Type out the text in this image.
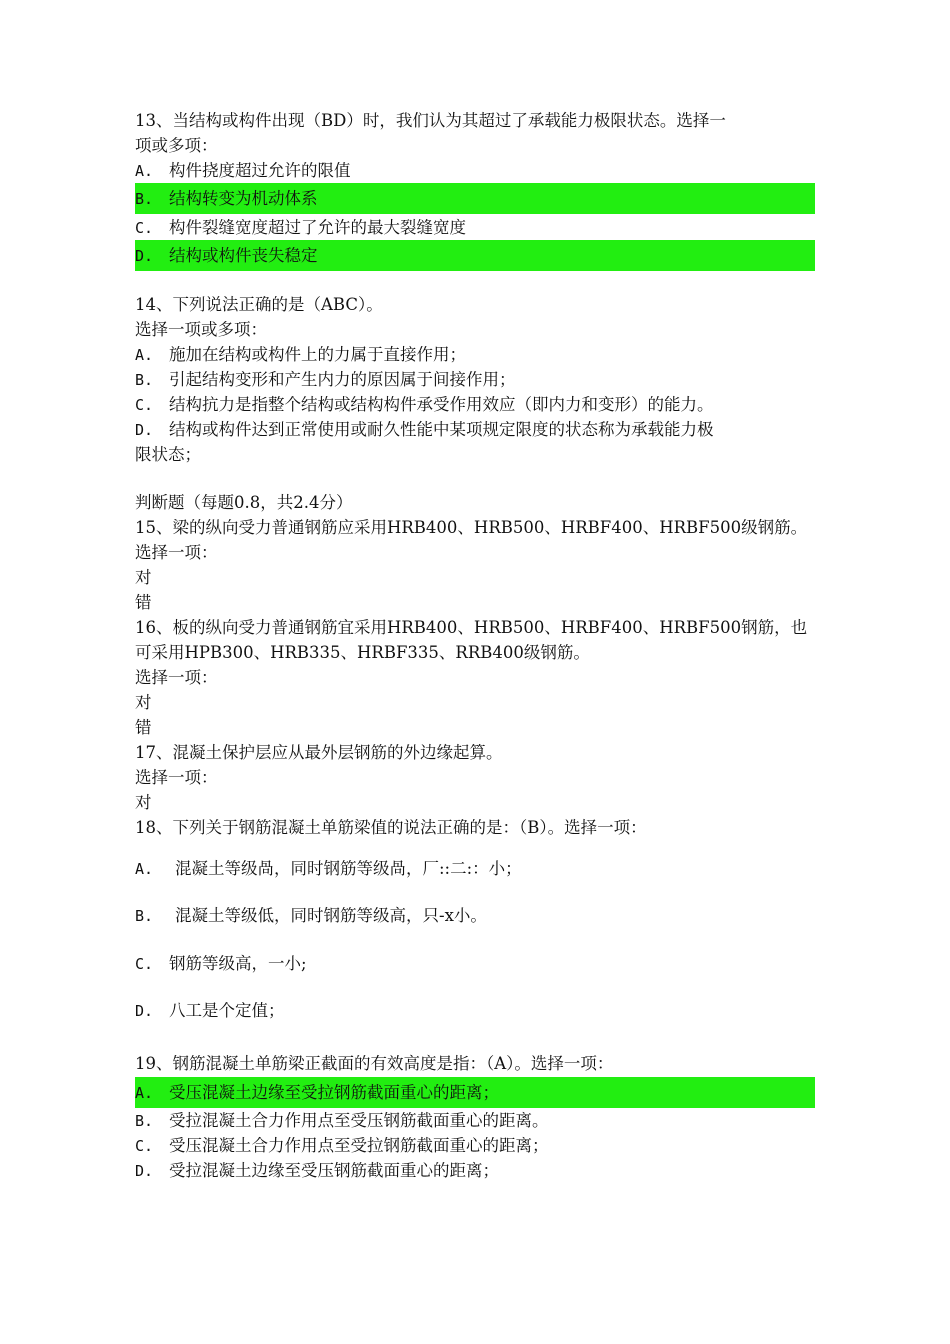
13、当结构或构件出现（BD）时，我们认为其超过了承载能力极限状态。选择一
项或多项：
A. 构件挠度超过允许的限值
B. 结构转变为机动体系
C. 构件裂缝宽度超过了允许的最大裂缝宽度
D. 结构或构件丧失稳定
14、下列说法正确的是（ABC）。
选择一项或多项：
A. 施加在结构或构件上的力属于直接作用；
B. 引起结构变形和产生内力的原因属于间接作用；
C. 结构抗力是指整个结构或结构构件承受作用效应（即内力和变形）的能力。
D. 结构或构件达到正常使用或耐久性能中某项规定限度的状态称为承载能力极
限状态；
判断题（每题0.8，共2.4分）
15、梁的纵向受力普通钢筋应采用HRB400、HRB500、HRBF400、HRBF500级钢筋。
选择一项：
对
错
16、板的纵向受力普通钢筋宜采用HRB400、HRB500、HRBF400、HRBF500钢筋，也
可采用HPB300、HRB335、HRBF335、RRB400级钢筋。
选择一项：
对
错
17、混凝土保护层应从最外层钢筋的外边缘起算。
选择一项：
对
18、下列关于钢筋混凝土单筋梁值的说法正确的是：（B）。选择一项：
A. 混凝土等级咼，同时钢筋等级咼，厂::二:：小；
B. 混凝土等级低，同时钢筋等级高，只-x小。
C. 钢筋等级高，一小;
D. 八工是个定值；
19、钢筋混凝土单筋梁正截面的有效高度是指：（A）。选择一项：
A. 受压混凝土边缘至受拉钢筋截面重心的距离；
B. 受拉混凝土合力作用点至受压钢筋截面重心的距离。
C. 受压混凝土合力作用点至受拉钢筋截面重心的距离；
D. 受拉混凝土边缘至受压钢筋截面重心的距离；
